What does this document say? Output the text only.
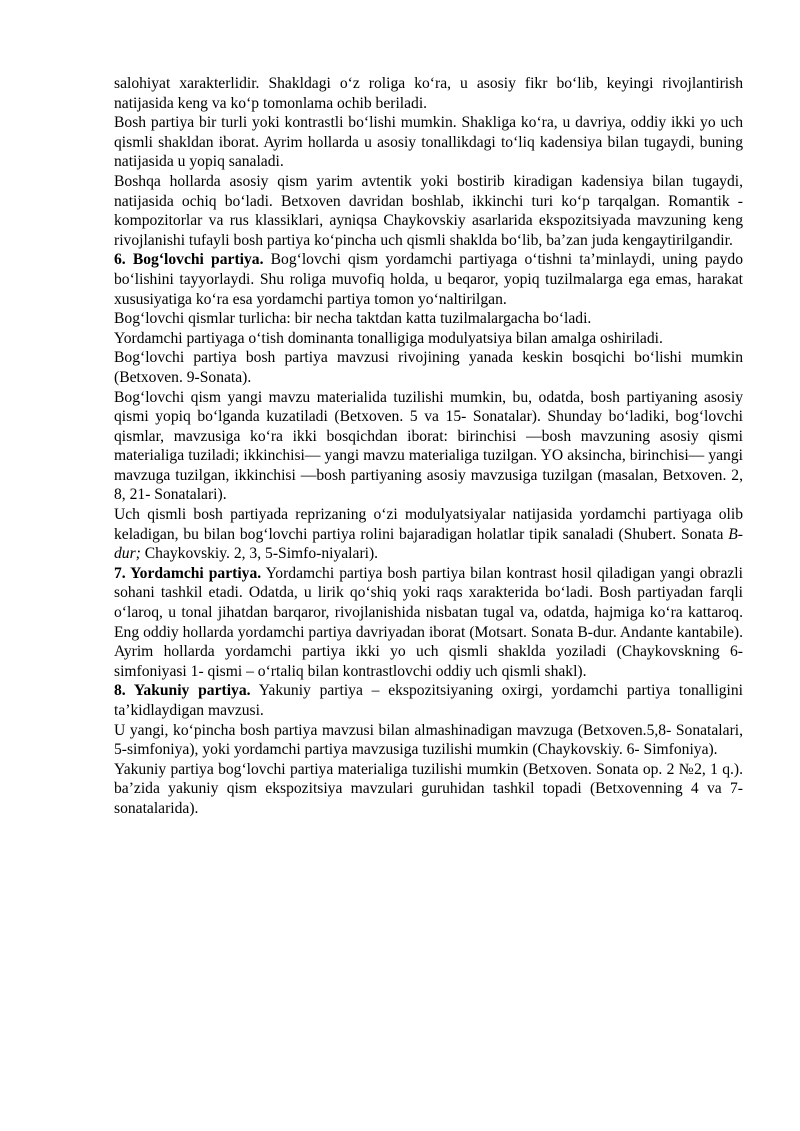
salohiyat xarakterlidir. Shakldagi o‘z roliga ko‘ra, u asosiy fikr bo‘lib, keyingi rivojlantirish natijasida keng va ko‘p tomonlama ochib beriladi.

Bosh partiya bir turli yoki kontrastli bo‘lishi mumkin. Shakliga ko‘ra, u davriya, oddiy ikki yo uch qismli shakldan iborat. Ayrim hollarda u asosiy tonallikdagi to‘liq kadensiya bilan tugaydi, buning natijasida u yopiq sanaladi.

Boshqa hollarda asosiy qism yarim avtentik yoki bostirib kiradigan kadensiya bilan tugaydi, natijasida ochiq bo‘ladi. Betxoven davridan boshlab, ikkinchi turi ko‘p tarqalgan. Romantik - kompozitorlar va rus klassiklari, ayniqsa Chaykovskiy asarlarida ekspozitsiyada mavzuning keng rivojlanishi tufayli bosh partiya ko‘pincha uch qismli shaklda bo‘lib, ba’zan juda kengaytirilgandir.

6. Bog‘lovchi partiya. Bog‘lovchi qism yordamchi partiyaga o‘tishni ta’minlaydi, uning paydo bo‘lishini tayyorlaydi. Shu roliga muvofiq holda, u beqaror, yopiq tuzilmalarga ega emas, harakat xususiyatiga ko‘ra esa yordamchi partiya tomon yo‘naltirilgan.

Bog‘lovchi qismlar turlicha: bir necha taktdan katta tuzilmalargacha bo‘ladi.

Yordamchi partiyaga o‘tish dominanta tonalligiga modulyatsiya bilan amalga oshiriladi.

Bog‘lovchi partiya bosh partiya mavzusi rivojining yanada keskin bosqichi bo‘lishi mumkin (Betxoven. 9-Sonata).

Bog‘lovchi qism yangi mavzu materialida tuzilishi mumkin, bu, odatda, bosh partiyaning asosiy qismi yopiq bo‘lganda kuzatiladi (Betxoven. 5 va 15- Sonatalar). Shunday bo‘ladiki, bog‘lovchi qismlar, mavzusiga ko‘ra ikki bosqichdan iborat: birinchisi —bosh mavzuning asosiy qismi materialiga tuziladi; ikkinchisi— yangi mavzu materialiga tuzilgan. YO aksincha, birinchisi— yangi mavzuga tuzilgan, ikkinchisi —bosh partiyaning asosiy mavzusiga tuzilgan (masalan, Betxoven. 2, 8, 21- Sonatalari).

Uch qismli bosh partiyada reprizaning o‘zi modulyatsiyalar natijasida yordamchi partiyaga olib keladigan, bu bilan bog‘lovchi partiya rolini bajaradigan holatlar tipik sanaladi (Shubert. Sonata B-dur; Chaykovskiy. 2, 3, 5-Simfo-niyalari).

7. Yordamchi partiya. Yordamchi partiya bosh partiya bilan kontrast hosil qiladigan yangi obrazli sohani tashkil etadi. Odatda, u lirik qo‘shiq yoki raqs xarakterida bo‘ladi. Bosh partiyadan farqli o‘laroq, u tonal jihatdan barqaror, rivojlanishida nisbatan tugal va, odatda, hajmiga ko‘ra kattaroq. Eng oddiy hollarda yordamchi partiya davriyadan iborat (Motsart. Sonata B-dur. Andante kantabile). Ayrim hollarda yordamchi partiya ikki yo uch qismli shaklda yoziladi (Chaykovskning 6- simfoniyasi 1- qismi – o‘rtaliq bilan kontrastlovchi oddiy uch qismli shakl).

8. Yakuniy partiya. Yakuniy partiya – ekspozitsiyaning oxirgi, yordamchi partiya tonalligini ta’kidlaydigan mavzusi.

U yangi, ko‘pincha bosh partiya mavzusi bilan almashinadigan mavzuga (Betxoven.5,8- Sonatalari, 5-simfoniya), yoki yordamchi partiya mavzusiga tuzilishi mumkin (Chaykovskiy. 6- Simfoniya).

Yakuniy partiya bog‘lovchi partiya materialiga tuzilishi mumkin (Betxoven. Sonata op. 2 №2, 1 q.). ba’zida yakuniy qism ekspozitsiya mavzulari guruhidan tashkil topadi (Betxovenning 4 va 7- sonatalarida).
